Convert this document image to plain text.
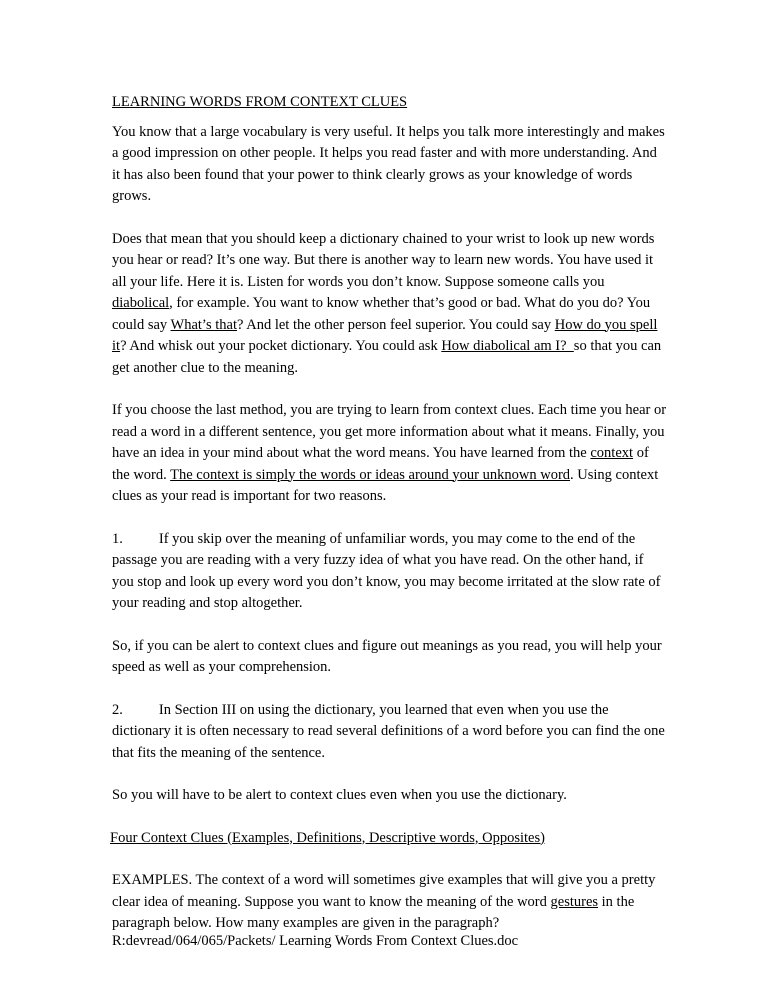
LEARNING WORDS FROM CONTEXT CLUES

You know that a large vocabulary is very useful. It helps you talk more interestingly and makes a good impression on other people. It helps you read faster and with more understanding. And it has also been found that your power to think clearly grows as your knowledge of words grows.

Does that mean that you should keep a dictionary chained to your wrist to look up new words you hear or read? It’s one way. But there is another way to learn new words. You have used it all your life. Here it is. Listen for words you don’t know. Suppose someone calls you diabolical, for example. You want to know whether that’s good or bad. What do you do? You could say What’s that? And let the other person feel superior. You could say How do you spell it? And whisk out your pocket dictionary. You could ask How diabolical am I?  so that you can get another clue to the meaning.

If you choose the last method, you are trying to learn from context clues. Each time you hear or read a word in a different sentence, you get more information about what it means. Finally, you have an idea in your mind about what the word means. You have learned from the context of the word. The context is simply the words or ideas around your unknown word. Using context clues as your read is important for two reasons.

1. If you skip over the meaning of unfamiliar words, you may come to the end of the passage you are reading with a very fuzzy idea of what you have read. On the other hand, if you stop and look up every word you don’t know, you may become irritated at the slow rate of your reading and stop altogether.

So, if you can be alert to context clues and figure out meanings as you read, you will help your speed as well as your comprehension.

2. In Section III on using the dictionary, you learned that even when you use the dictionary it is often necessary to read several definitions of a word before you can find the one that fits the meaning of the sentence.

So you will have to be alert to context clues even when you use the dictionary.

Four Context Clues (Examples, Definitions, Descriptive words, Opposites)

EXAMPLES. The context of a word will sometimes give examples that will give you a pretty clear idea of meaning. Suppose you want to know the meaning of the word gestures in the paragraph below. How many examples are given in the paragraph?

R:devread/064/065/Packets/ Learning Words From Context Clues.doc
